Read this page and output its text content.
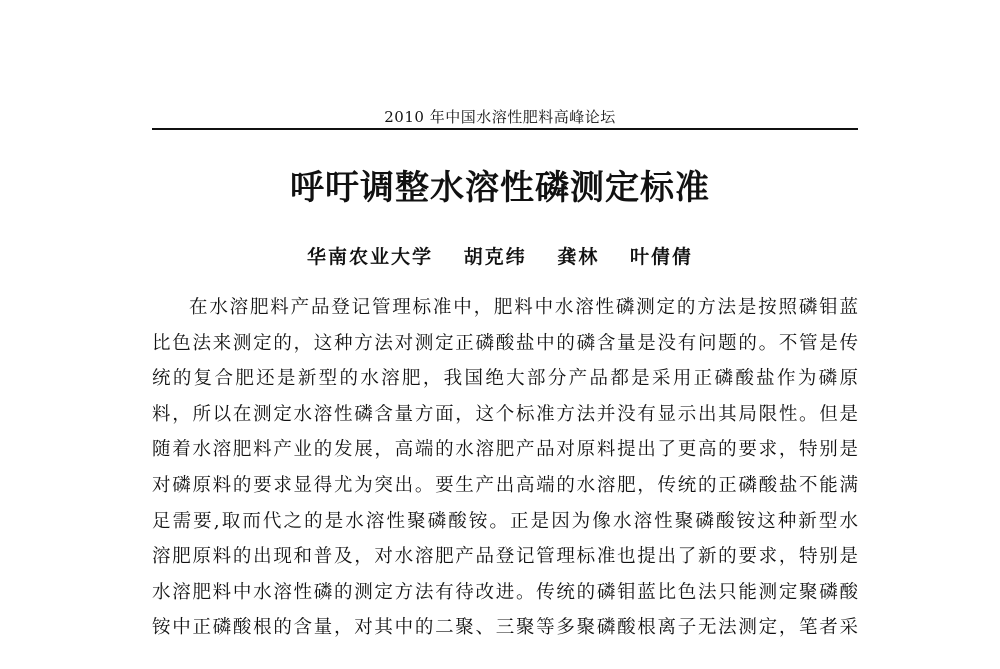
2010 年中国水溶性肥料高峰论坛
呼吁调整水溶性磷测定标准
华南农业大学 胡克纬 龚林 叶倩倩
在水溶肥料产品登记管理标准中，肥料中水溶性磷测定的方法是按照磷钼蓝
比色法来测定的，这种方法对测定正磷酸盐中的磷含量是没有问题的。不管是传
统的复合肥还是新型的水溶肥，我国绝大部分产品都是采用正磷酸盐作为磷原
料，所以在测定水溶性磷含量方面，这个标准方法并没有显示出其局限性。但是
随着水溶肥料产业的发展，高端的水溶肥产品对原料提出了更高的要求，特别是
对磷原料的要求显得尤为突出。要生产出高端的水溶肥，传统的正磷酸盐不能满
足需要,取而代之的是水溶性聚磷酸铵。正是因为像水溶性聚磷酸铵这种新型水
溶肥原料的出现和普及，对水溶肥产品登记管理标准也提出了新的要求，特别是
水溶肥料中水溶性磷的测定方法有待改进。传统的磷钼蓝比色法只能测定聚磷酸
铵中正磷酸根的含量，对其中的二聚、三聚等多聚磷酸根离子无法测定，笔者采
